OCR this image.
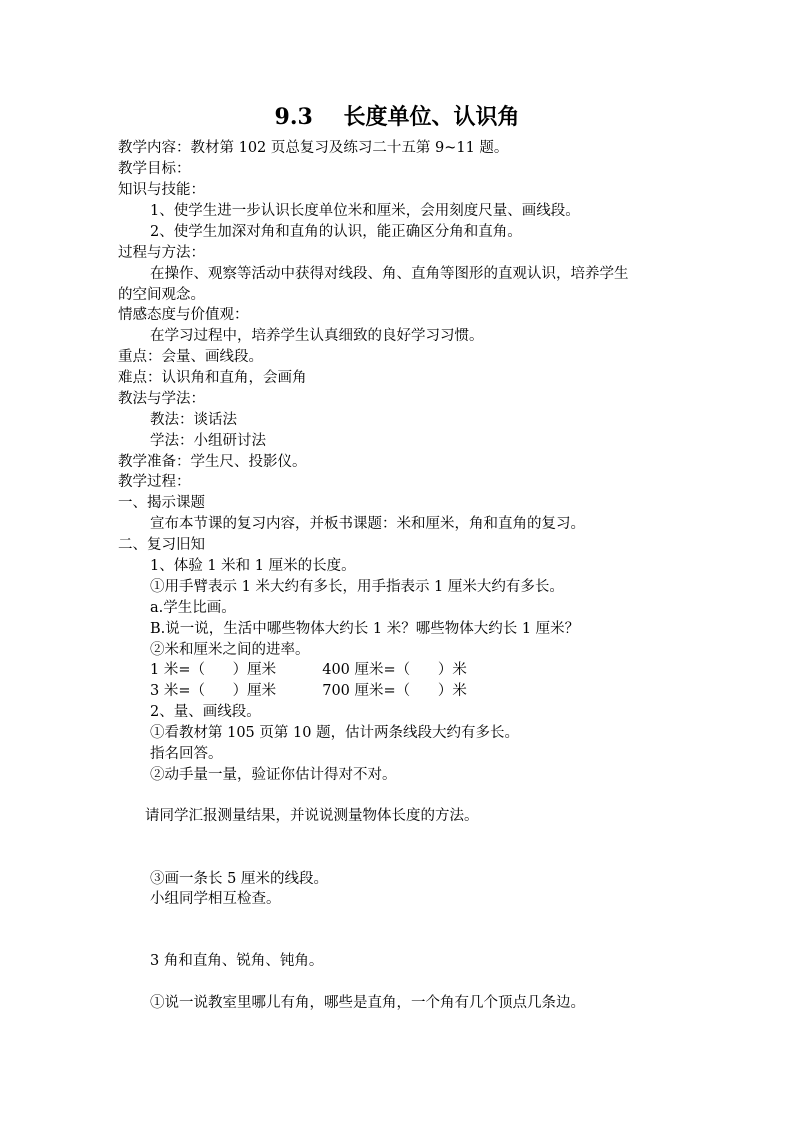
9.3    长度单位、认识角
教学内容：教材第 102 页总复习及练习二十五第 9~11 题。
教学目标：
知识与技能：
1、使学生进一步认识长度单位米和厘米，会用刻度尺量、画线段。
2、使学生加深对角和直角的认识，能正确区分角和直角。
过程与方法：
在操作、观察等活动中获得对线段、角、直角等图形的直观认识，培养学生
的空间观念。
情感态度与价值观：
在学习过程中，培养学生认真细致的良好学习习惯。
重点：会量、画线段。
难点：认识角和直角，会画角
教法与学法：
教法：谈话法
学法：小组研讨法
教学准备：学生尺、投影仪。
教学过程：
一、揭示课题
宣布本节课的复习内容，并板书课题：米和厘米，角和直角的复习。
二、复习旧知
1、体验 1 米和 1 厘米的长度。
①用手臂表示 1 米大约有多长，用手指表示 1 厘米大约有多长。
a.学生比画。
B.说一说，生活中哪些物体大约长 1 米？哪些物体大约长 1 厘米？
②米和厘米之间的进率。
1 米=（      ）厘米          400 厘米=（      ）米
3 米=（      ）厘米          700 厘米=（      ）米
2、量、画线段。
①看教材第 105 页第 10 题，估计两条线段大约有多长。
指名回答。
②动手量一量，验证你估计得对不对。
请同学汇报测量结果，并说说测量物体长度的方法。
③画一条长 5 厘米的线段。
小组同学相互检查。
3 角和直角、锐角、钝角。
①说一说教室里哪儿有角，哪些是直角，一个角有几个顶点几条边。
